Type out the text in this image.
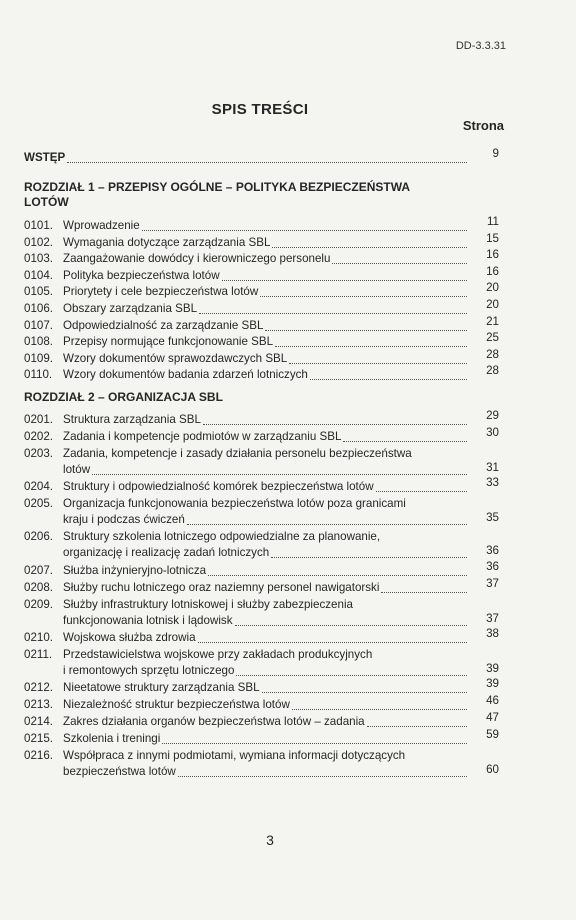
DD-3.3.31
SPIS TREŚCI
Strona
WSTĘP	9
ROZDZIAŁ 1 – PRZEPISY OGÓLNE – POLITYKA BEZPIECZEŃSTWA
LOTÓW
ROZDZIAŁ 2 – ORGANIZACJA SBL
3
0101. Wprowadzenie	11
0102. Wymagania dotyczące zarządzania SBL	15
0103. Zaangażowanie dowódcy i kierowniczego personelu	16
0104. Polityka bezpieczeństwa lotów	16
0105. Priorytety i cele bezpieczeństwa lotów	20
0106. Obszary zarządzania SBL	20
0107. Odpowiedzialność za zarządzanie SBL	21
0108. Przepisy normujące funkcjonowanie SBL	25
0109. Wzory dokumentów sprawozdawczych SBL	28
0110. Wzory dokumentów badania zdarzeń lotniczych	28
0201. Struktura zarządzania SBL	29
0202. Zadania i kompetencje podmiotów w zarządzaniu SBL	30
0203. Zadania, kompetencje i zasady działania personelu bezpieczeństwa
lotów	31
0204. Struktury i odpowiedzialność komórek bezpieczeństwa lotów	33
0205. Organizacja funkcjonowania bezpieczeństwa lotów poza granicami
kraju i podczas ćwiczeń	35
0206. Struktury szkolenia lotniczego odpowiedzialne za planowanie,
organizację i realizację zadań lotniczych	36
0207. Służba inżynieryjno-lotnicza	36
0208. Służby ruchu lotniczego oraz naziemny personel nawigatorski	37
0209. Służby infrastruktury lotniskowej i służby zabezpieczenia
funkcjonowania lotnisk i lądowisk	37
0210. Wojskowa służba zdrowia	38
0211. Przedstawicielstwa wojskowe przy zakładach produkcyjnych
i remontowych sprzętu lotniczego	39
0212. Nieetatowe struktury zarządzania SBL	39
0213. Niezależność struktur bezpieczeństwa lotów	46
0214. Zakres działania organów bezpieczeństwa lotów – zadania	47
0215. Szkolenia i treningi	59
0216. Współpraca z innymi podmiotami, wymiana informacji dotyczących
bezpieczeństwa lotów	60
